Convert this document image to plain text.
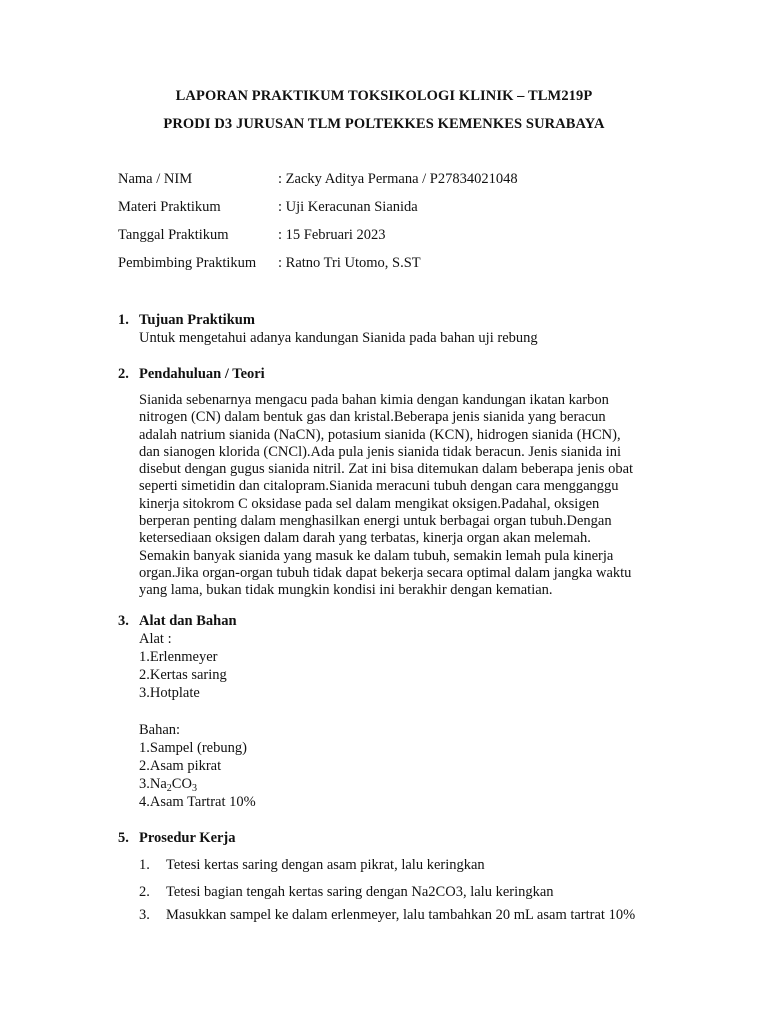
LAPORAN PRAKTIKUM TOKSIKOLOGI KLINIK – TLM219P
PRODI D3 JURUSAN TLM POLTEKKES KEMENKES SURABAYA
Nama / NIM	: Zacky Aditya Permana / P27834021048
Materi Praktikum	: Uji Keracunan Sianida
Tanggal Praktikum	: 15 Februari 2023
Pembimbing Praktikum : Ratno Tri Utomo, S.ST
1. Tujuan Praktikum
Untuk mengetahui adanya kandungan Sianida pada bahan uji rebung
2. Pendahuluan / Teori
Sianida sebenarnya mengacu pada bahan kimia dengan kandungan ikatan karbon
nitrogen (CN) dalam bentuk gas dan kristal.Beberapa jenis sianida yang beracun
adalah natrium sianida (NaCN), potasium sianida (KCN), hidrogen sianida (HCN),
dan sianogen klorida (CNCl).Ada pula jenis sianida tidak beracun. Jenis sianida ini
disebut dengan gugus sianida nitril. Zat ini bisa ditemukan dalam beberapa jenis obat
seperti simetidin dan citalopram.Sianida meracuni tubuh dengan cara mengganggu
kinerja sitokrom C oksidase pada sel dalam mengikat oksigen.Padahal, oksigen
berperan penting dalam menghasilkan energi untuk berbagai organ tubuh.Dengan
ketersediaan oksigen dalam darah yang terbatas, kinerja organ akan melemah.
Semakin banyak sianida yang masuk ke dalam tubuh, semakin lemah pula kinerja
organ.Jika organ-organ tubuh tidak dapat bekerja secara optimal dalam jangka waktu
yang lama, bukan tidak mungkin kondisi ini berakhir dengan kematian.
3. Alat dan Bahan
Alat :
1.Erlenmeyer
2.Kertas saring
3.Hotplate
Bahan:
1.Sampel (rebung)
2.Asam pikrat
$3.Na_2CO_3$
4.Asam Tartrat 10%
5. Prosedur Kerja
1. Tetesi kertas saring dengan asam pikrat, lalu keringkan
2. Tetesi bagian tengah kertas saring dengan Na2CO3, lalu keringkan
3. Masukkan sampel ke dalam erlenmeyer, lalu tambahkan 20 mL asam tartrat 10%
